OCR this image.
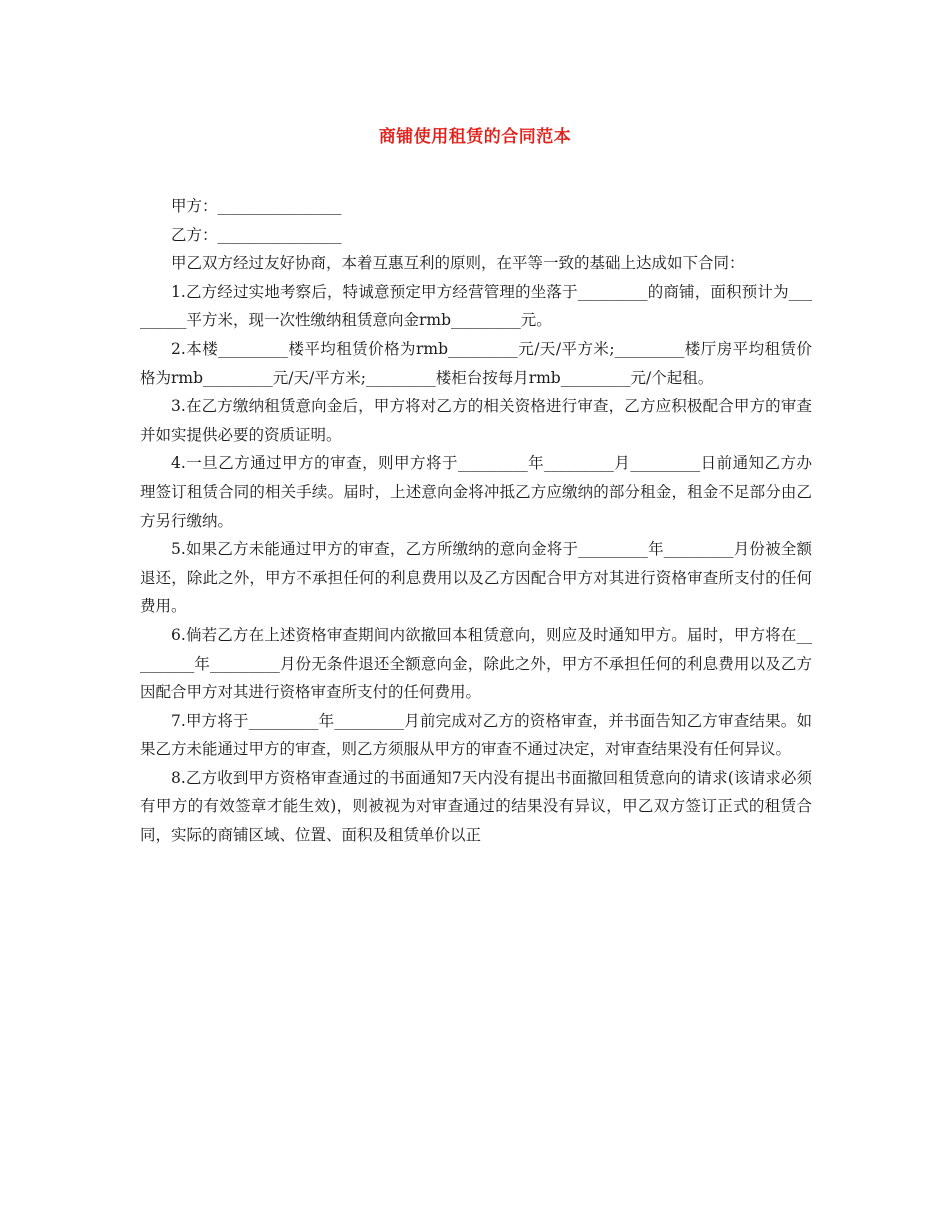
商铺使用租赁的合同范本

甲方：________________

乙方：________________

甲乙双方经过友好协商，本着互惠互利的原则，在平等一致的基础上达成如下合同：

1.乙方经过实地考察后，特诚意预定甲方经营管理的坐落于_________的商铺，面积预计为_________平方米，现一次性缴纳租赁意向金rmb_________元。

2.本楼_________楼平均租赁价格为rmb_________元/天/平方米;_________楼厅房平均租赁价格为rmb_________元/天/平方米;_________楼柜台按每月rmb_________元/个起租。

3.在乙方缴纳租赁意向金后，甲方将对乙方的相关资格进行审查，乙方应积极配合甲方的审查并如实提供必要的资质证明。

4.一旦乙方通过甲方的审查，则甲方将于_________年_________月_________日前通知乙方办理签订租赁合同的相关手续。届时，上述意向金将冲抵乙方应缴纳的部分租金，租金不足部分由乙方另行缴纳。

5.如果乙方未能通过甲方的审查，乙方所缴纳的意向金将于_________年_________月份被全额退还，除此之外，甲方不承担任何的利息费用以及乙方因配合甲方对其进行资格审查所支付的任何费用。

6.倘若乙方在上述资格审查期间内欲撤回本租赁意向，则应及时通知甲方。届时，甲方将在_________年_________月份无条件退还全额意向金，除此之外，甲方不承担任何的利息费用以及乙方因配合甲方对其进行资格审查所支付的任何费用。

7.甲方将于_________年_________月前完成对乙方的资格审查，并书面告知乙方审查结果。如果乙方未能通过甲方的审查，则乙方须服从甲方的审查不通过决定，对审查结果没有任何异议。

8.乙方收到甲方资格审查通过的书面通知7天内没有提出书面撤回租赁意向的请求(该请求必须有甲方的有效签章才能生效)，则被视为对审查通过的结果没有异议，甲乙双方签订正式的租赁合同，实际的商铺区域、位置、面积及租赁单价以正
